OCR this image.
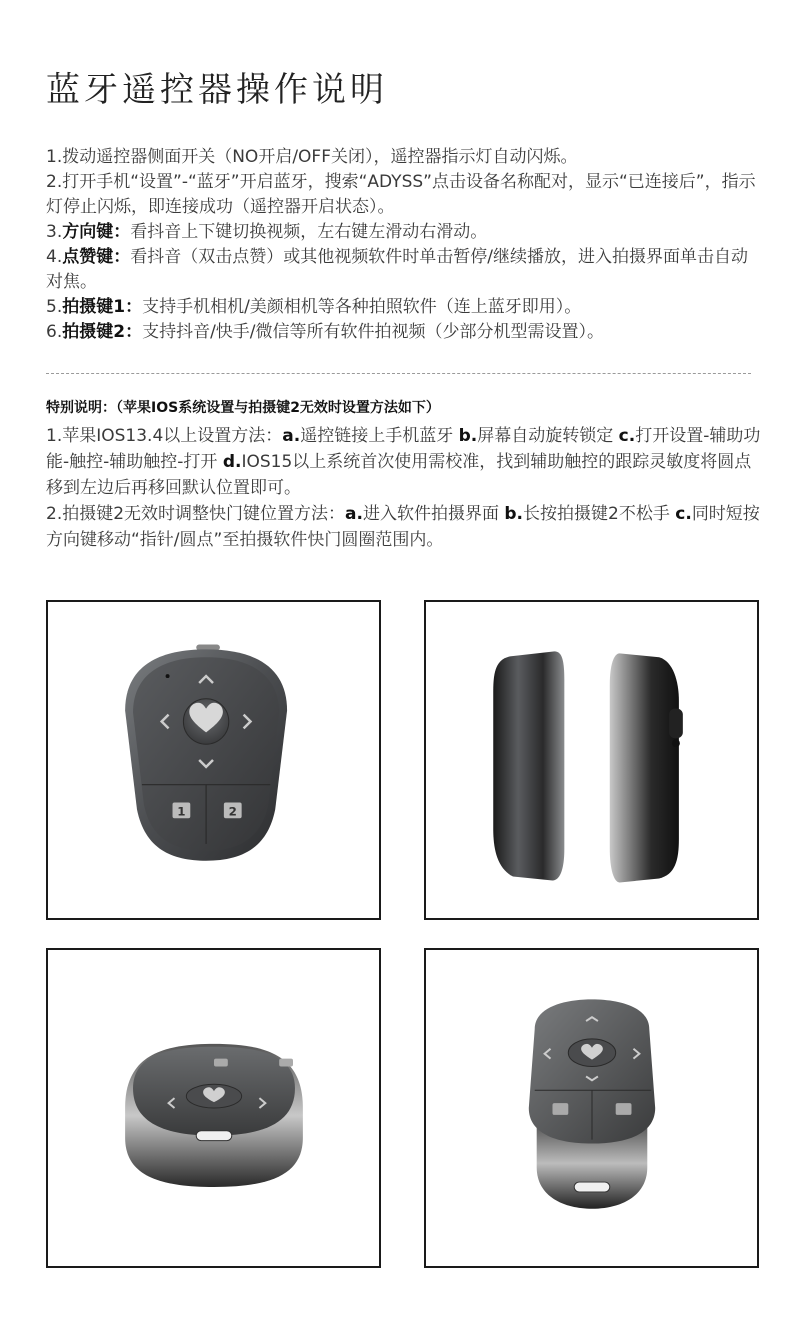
蓝牙遥控器操作说明

1.拨动遥控器侧面开关（NO开启/OFF关闭），遥控器指示灯自动闪烁。

2.打开手机“设置”-“蓝牙”开启蓝牙，搜索“ADYSS”点击设备名称配对，显示“已连接后”，指示灯停止闪烁，即连接成功（遥控器开启状态）。

3.方向键：看抖音上下键切换视频，左右键左滑动右滑动。

4.点赞键：看抖音（双击点赞）或其他视频软件时单击暂停/继续播放，进入拍摄界面单击自动对焦。

5.拍摄键1：支持手机相机/美颜相机等各种拍照软件（连上蓝牙即用）。

6.拍摄键2：支持抖音/快手/微信等所有软件拍视频（少部分机型需设置）。

特别说明：（苹果IOS系统设置与拍摄键2无效时设置方法如下）

1.苹果IOS13.4以上设置方法：a.遥控链接上手机蓝牙 b.屏幕自动旋转锁定 c.打开设置-辅助功能-触控-辅助触控-打开 d.IOS15以上系统首次使用需校准，找到辅助触控的跟踪灵敏度将圆点移到左边后再移回默认位置即可。

2.拍摄键2无效时调整快门键位置方法：a.进入软件拍摄界面 b.长按拍摄键2不松手 c.同时短按方向键移动“指针/圆点”至拍摄软件快门圆圈范围内。

1	2
